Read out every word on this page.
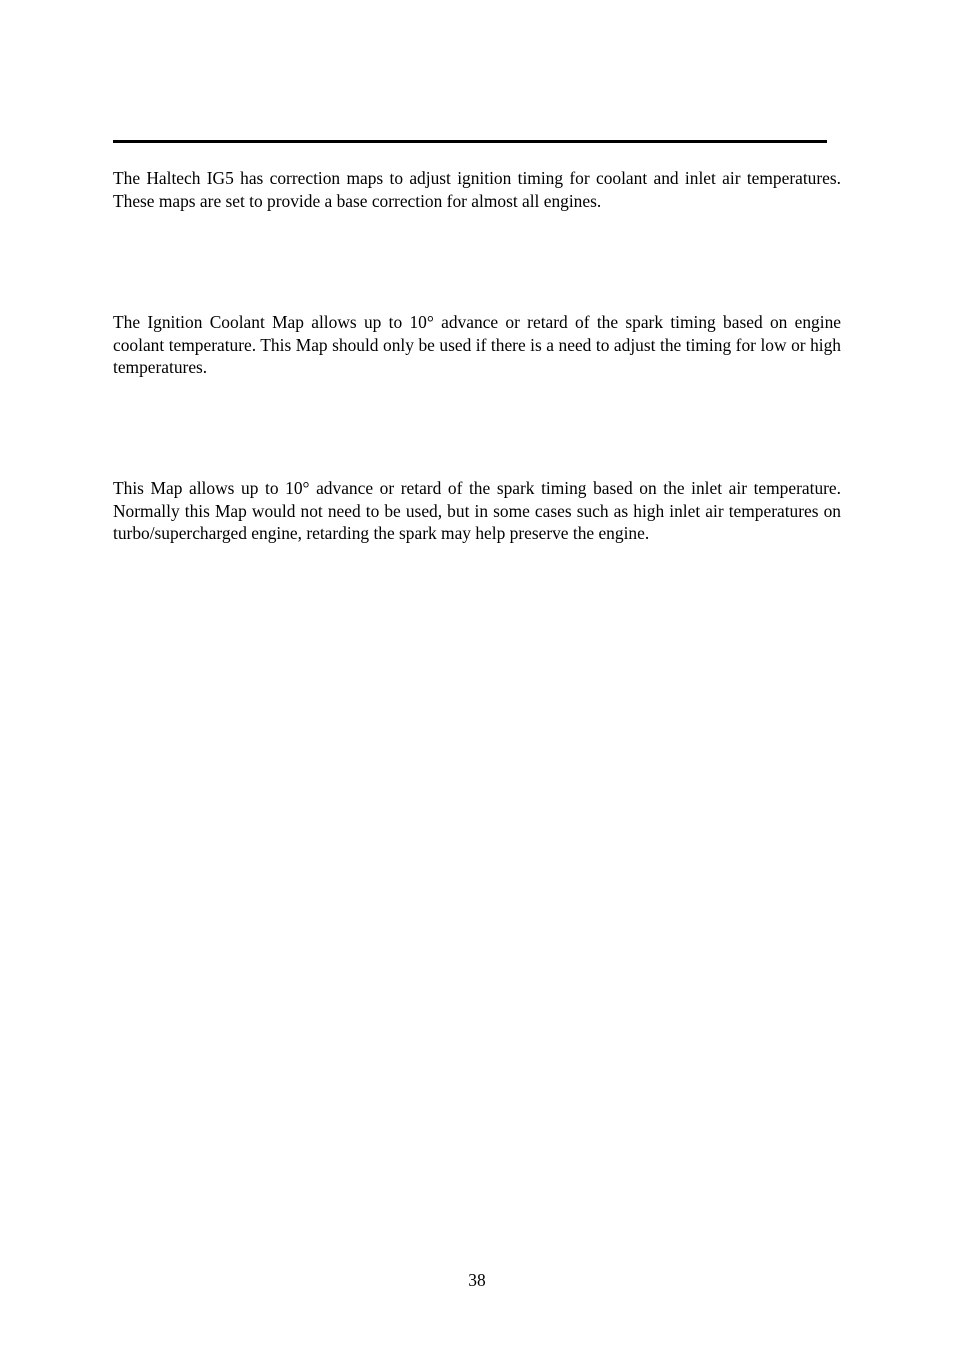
The Haltech IG5 has correction maps to adjust ignition timing for coolant and inlet air temperatures. These maps are set to provide a base correction for almost all engines.

The Ignition Coolant Map allows up to 10° advance or retard of the spark timing based on engine coolant temperature. This Map should only be used if there is a need to adjust the timing for low or high temperatures.

This Map allows up to 10° advance or retard of the spark timing based on the inlet air temperature. Normally this Map would not need to be used, but in some cases such as high inlet air temperatures on turbo/supercharged engine, retarding the spark may help preserve the engine.

38
